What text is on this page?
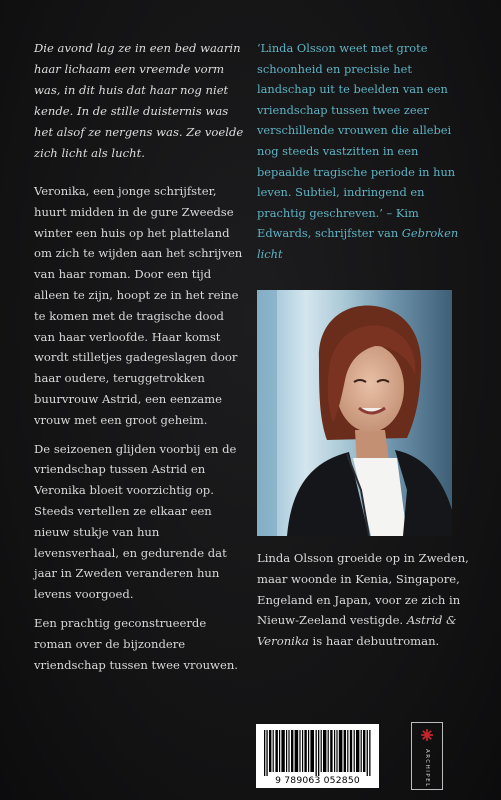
Die avond lag ze in een bed waarin haar lichaam een vreemde vorm was, in dit huis dat haar nog niet kende. In de stille duisternis was het alsof ze nergens was. Ze voelde zich licht als lucht.

Veronika, een jonge schrijfster, huurt midden in de gure Zweedse winter een huis op het platteland om zich te wijden aan het schrijven van haar roman. Door een tijd alleen te zijn, hoopt ze in het reine te komen met de tragische dood van haar verloofde. Haar komst wordt stilletjes gadegeslagen door haar oudere, teruggetrokken buurvrouw Astrid, een eenzame vrouw met een groot geheim.

De seizoenen glijden voorbij en de vriendschap tussen Astrid en Veronika bloeit voorzichtig op. Steeds vertellen ze elkaar een nieuw stukje van hun levensverhaal, en gedurende dat jaar in Zweden veranderen hun levens voorgoed.

Een prachtig geconstrueerde roman over de bijzondere vriendschap tussen twee vrouwen.

‘Linda Olsson weet met grote schoonheid en precisie het landschap uit te beelden van een vriendschap tussen twee zeer verschillende vrouwen die allebei nog steeds vastzitten in een bepaalde tragische periode in hun leven. Subtiel, indringend en prachtig geschreven.’ – Kim Edwards, schrijfster van Gebroken licht

Linda Olsson groeide op in Zweden, maar woonde in Kenia, Singapore, Engeland en Japan, voor ze zich in Nieuw-Zeeland vestigde. Astrid & Veronika is haar debuutroman.

9 789063 052850	ARCHIPEL
